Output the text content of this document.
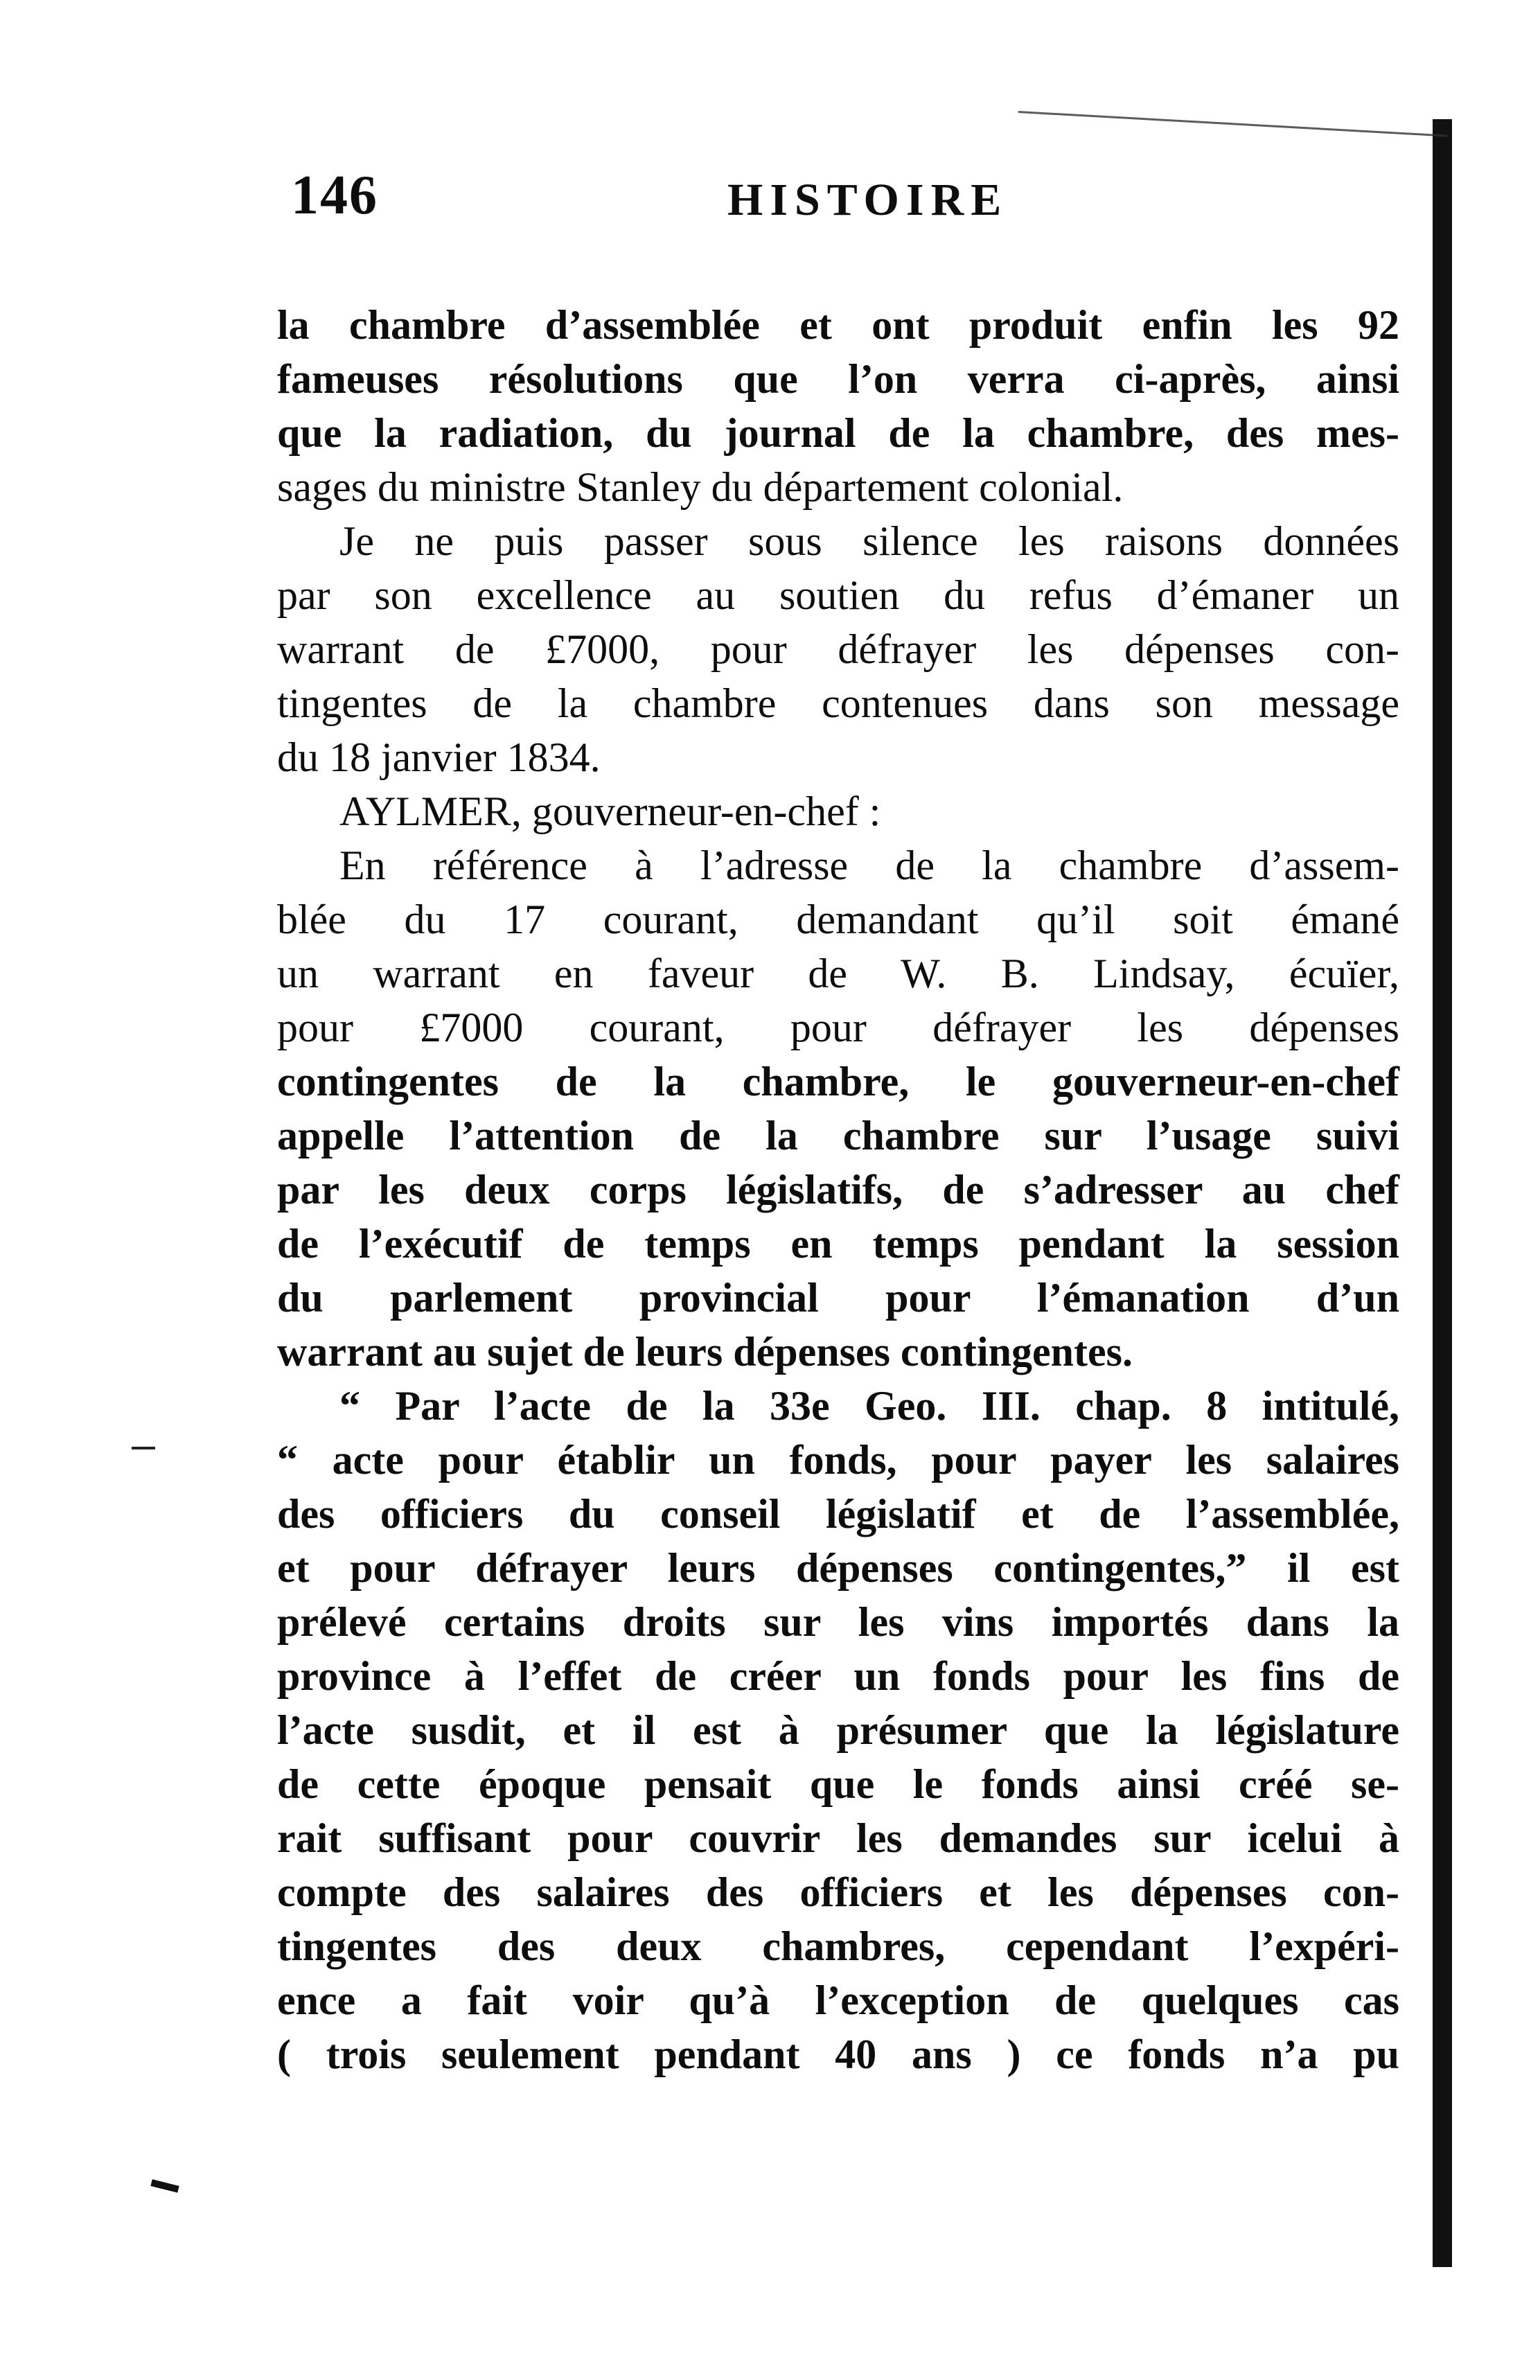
146	HISTOIRE
la chambre d’assemblée et ont produit enfin les 92
fameuses résolutions que l’on verra ci-après, ainsi
que la radiation, du journal de la chambre, des mes-
sages du ministre Stanley du département colonial.
Je ne puis passer sous silence les raisons données
par son excellence au soutien du refus d’émaner un
warrant de £7000, pour défrayer les dépenses con-
tingentes de la chambre contenues dans son message
du 18 janvier 1834.
AYLMER, gouverneur-en-chef :
En référence à l’adresse de la chambre d’assem-
blée du 17 courant, demandant qu’il soit émané
un warrant en faveur de W. B. Lindsay, écuïer,
pour £7000 courant, pour défrayer les dépenses
contingentes de la chambre, le gouverneur-en-chef
appelle l’attention de la chambre sur l’usage suivi
par les deux corps législatifs, de s’adresser au chef
de l’exécutif de temps en temps pendant la session
du parlement provincial pour l’émanation d’un
warrant au sujet de leurs dépenses contingentes.
“ Par l’acte de la 33e Geo. III. chap. 8 intitulé,
“ acte pour établir un fonds, pour payer les salaires
des officiers du conseil législatif et de l’assemblée,
et pour défrayer leurs dépenses contingentes,” il est
prélevé certains droits sur les vins importés dans la
province à l’effet de créer un fonds pour les fins de
l’acte susdit, et il est à présumer que la législature
de cette époque pensait que le fonds ainsi créé se-
rait suffisant pour couvrir les demandes sur icelui à
compte des salaires des officiers et les dépenses con-
tingentes des deux chambres, cependant l’expéri-
ence a fait voir qu’à l’exception de quelques cas
( trois seulement pendant 40 ans ) ce fonds n’a pu
